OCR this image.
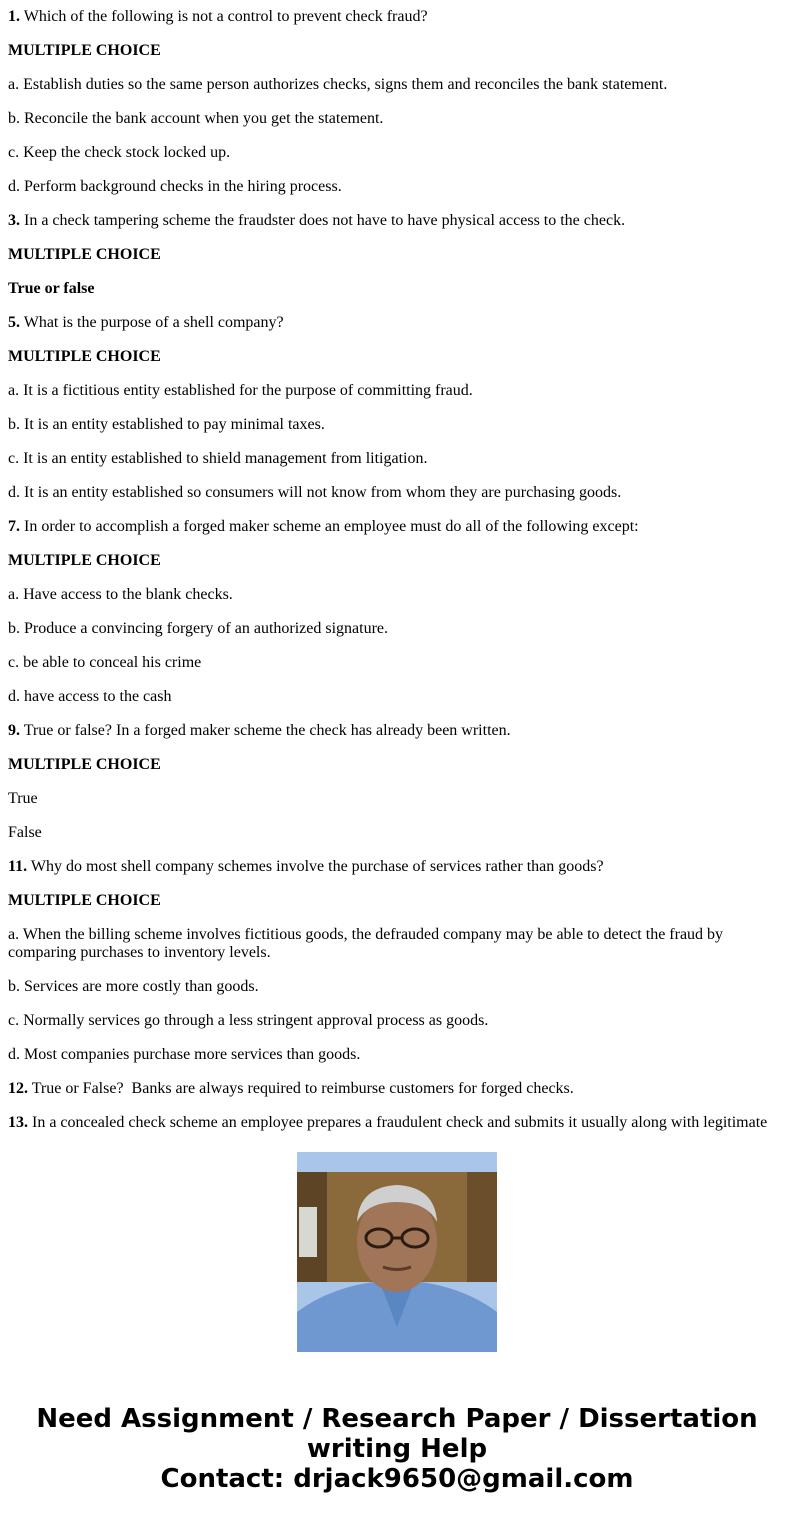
1. Which of the following is not a control to prevent check fraud?

MULTIPLE CHOICE

a. Establish duties so the same person authorizes checks, signs them and reconciles the bank statement.

b. Reconcile the bank account when you get the statement.

c. Keep the check stock locked up.

d. Perform background checks in the hiring process.

3. In a check tampering scheme the fraudster does not have to have physical access to the check.

MULTIPLE CHOICE

True or false

5. What is the purpose of a shell company?

MULTIPLE CHOICE

a. It is a fictitious entity established for the purpose of committing fraud.

b. It is an entity established to pay minimal taxes.

c. It is an entity established to shield management from litigation.

d. It is an entity established so consumers will not know from whom they are purchasing goods.

7. In order to accomplish a forged maker scheme an employee must do all of the following except:

MULTIPLE CHOICE

a. Have access to the blank checks.

b. Produce a convincing forgery of an authorized signature.

c. be able to conceal his crime

d. have access to the cash

9. True or false? In a forged maker scheme the check has already been written.

MULTIPLE CHOICE

True

False

11. Why do most shell company schemes involve the purchase of services rather than goods?

MULTIPLE CHOICE

a. When the billing scheme involves fictitious goods, the defrauded company may be able to detect the fraud by comparing purchases to inventory levels.

b. Services are more costly than goods.

c. Normally services go through a less stringent approval process as goods.

d. Most companies purchase more services than goods.

12. True or False?  Banks are always required to reimburse customers for forged checks.

13. In a concealed check scheme an employee prepares a fraudulent check and submits it usually along with legitimate

Need Assignment / Research Paper / Dissertation
writing Help
Contact: drjack9650@gmail.com
